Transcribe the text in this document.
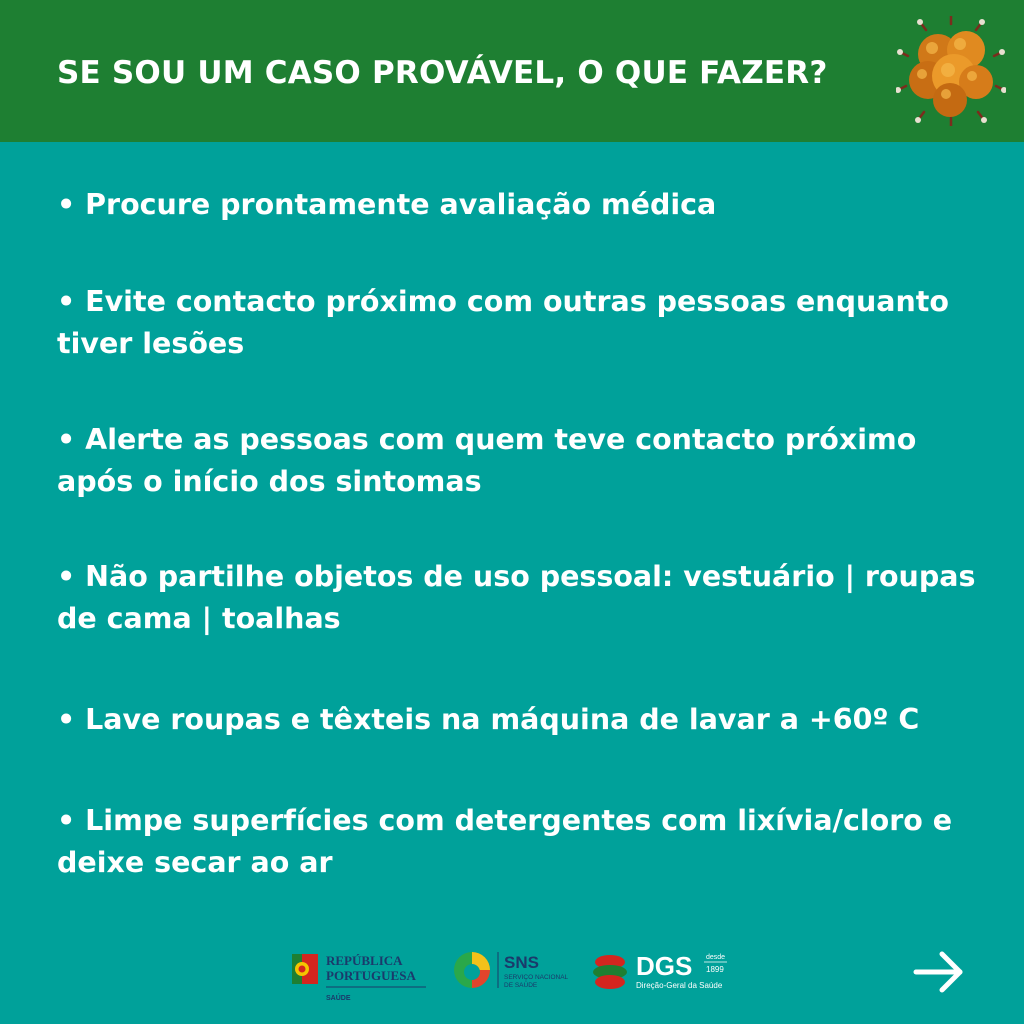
SE SOU UM CASO PROVÁVEL, O QUE FAZER?
• Procure prontamente avaliação médica
• Evite contacto próximo com outras pessoas enquanto tiver lesões
• Alerte as pessoas com quem teve contacto próximo após o início dos sintomas
• Não partilhe objetos de uso pessoal: vestuário | roupas de cama | toalhas
• Lave roupas e têxteis na máquina de lavar a +60º C
• Limpe superfícies com detergentes com lixívia/cloro e deixe secar ao ar
REPÚBLICA
PORTUGUESA
SAÚDE
SNS
SERVIÇO NACIONAL
DE SAÚDE
DGS desde
1899
Direção-Geral da Saúde
